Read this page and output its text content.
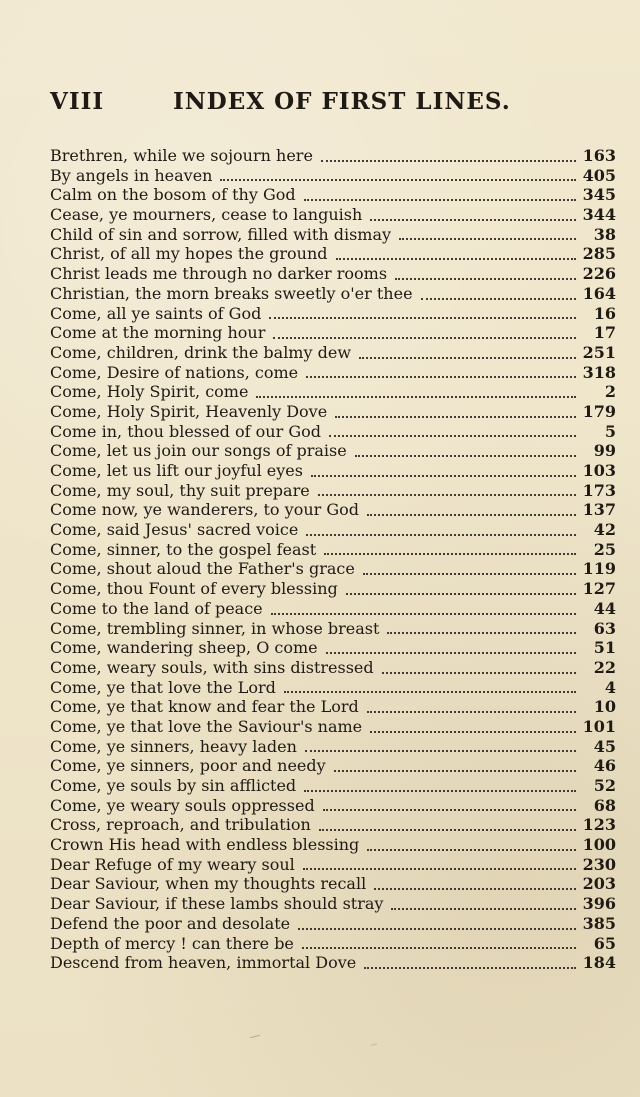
VIII	INDEX OF FIRST LINES.
Brethren, while we sojourn here	163
By angels in heaven	405
Calm on the bosom of thy God	345
Cease, ye mourners, cease to languish	344
Child of sin and sorrow, filled with dismay	38
Christ, of all my hopes the ground	285
Christ leads me through no darker rooms	226
Christian, the morn breaks sweetly o'er thee	164
Come, all ye saints of God	16
Come at the morning hour	17
Come, children, drink the balmy dew	251
Come, Desire of nations, come	318
Come, Holy Spirit, come	2
Come, Holy Spirit, Heavenly Dove	179
Come in, thou blessed of our God	5
Come, let us join our songs of praise	99
Come, let us lift our joyful eyes	103
Come, my soul, thy suit prepare	173
Come now, ye wanderers, to your God	137
Come, said Jesus' sacred voice	42
Come, sinner, to the gospel feast	25
Come, shout aloud the Father's grace	119
Come, thou Fount of every blessing	127
Come to the land of peace	44
Come, trembling sinner, in whose breast	63
Come, wandering sheep, O come	51
Come, weary souls, with sins distressed	22
Come, ye that love the Lord	4
Come, ye that know and fear the Lord	10
Come, ye that love the Saviour's name	101
Come, ye sinners, heavy laden	45
Come, ye sinners, poor and needy	46
Come, ye souls by sin afflicted	52
Come, ye weary souls oppressed	68
Cross, reproach, and tribulation	123
Crown His head with endless blessing	100
Dear Refuge of my weary soul	230
Dear Saviour, when my thoughts recall	203
Dear Saviour, if these lambs should stray	396
Defend the poor and desolate	385
Depth of mercy ! can there be	65
Descend from heaven, immortal Dove	184
